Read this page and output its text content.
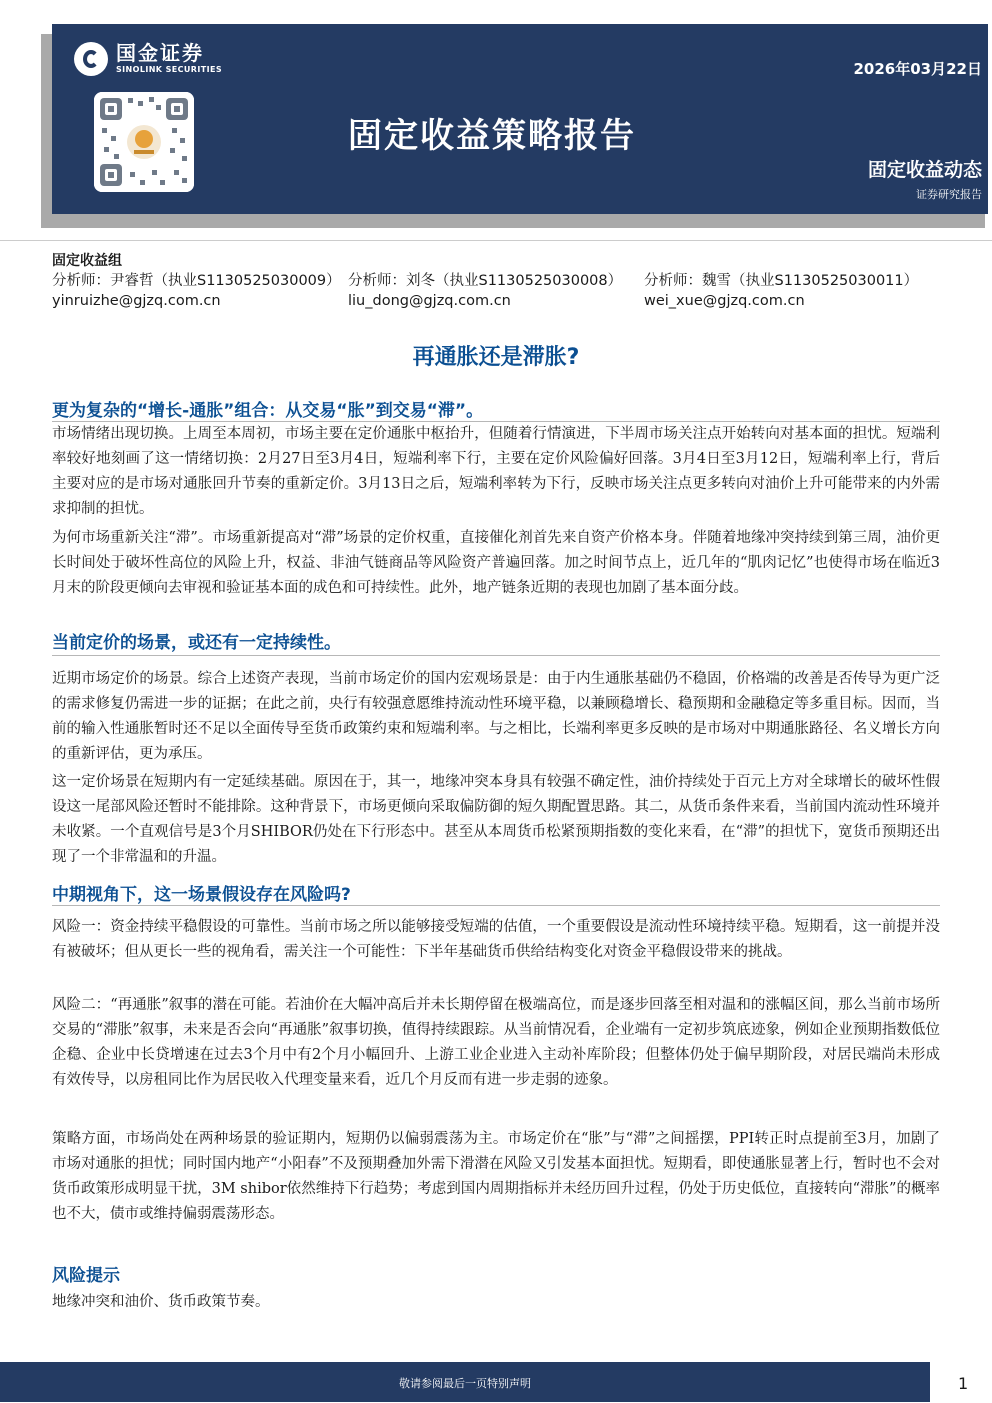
国金证券
SINOLINK SECURITIES	2026年03月22日
固定收益策略报告
固定收益动态
证券研究报告
固定收益组
分析师：尹睿哲（执业S1130525030009） 分析师：刘冬（执业S1130525030008）	分析师：魏雪（执业S1130525030011）
yinruizhe@gjzq.com.cn	liu_dong@gjzq.com.cn	wei_xue@gjzq.com.cn
再通胀还是滞胀?
更为复杂的“增长-通胀”组合：从交易“胀”到交易“滞”。
市场情绪出现切换。上周至本周初，市场主要在定价通胀中枢抬升，但随着行情演进，下半周市场关注点开始转向对基本面的担忧。短端利率较好地刻画了这一情绪切换：2月27日至3月4日，短端利率下行，主要在定价风险偏好回落。3月4日至3月12日，短端利率上行，背后主要对应的是市场对通胀回升节奏的重新定价。3月13日之后，短端利率转为下行，反映市场关注点更多转向对油价上升可能带来的内外需求抑制的担忧。
为何市场重新关注“滞”。市场重新提高对“滞”场景的定价权重，直接催化剂首先来自资产价格本身。伴随着地缘冲突持续到第三周，油价更长时间处于破坏性高位的风险上升，权益、非油气链商品等风险资产普遍回落。加之时间节点上，近几年的“肌肉记忆”也使得市场在临近3月末的阶段更倾向去审视和验证基本面的成色和可持续性。此外，地产链条近期的表现也加剧了基本面分歧。
当前定价的场景，或还有一定持续性。
近期市场定价的场景。综合上述资产表现，当前市场定价的国内宏观场景是：由于内生通胀基础仍不稳固，价格端的改善是否传导为更广泛的需求修复仍需进一步的证据；在此之前，央行有较强意愿维持流动性环境平稳，以兼顾稳增长、稳预期和金融稳定等多重目标。因而，当前的输入性通胀暂时还不足以全面传导至货币政策约束和短端利率。与之相比，长端利率更多反映的是市场对中期通胀路径、名义增长方向的重新评估，更为承压。
这一定价场景在短期内有一定延续基础。原因在于，其一，地缘冲突本身具有较强不确定性，油价持续处于百元上方对全球增长的破坏性假设这一尾部风险还暂时不能排除。这种背景下，市场更倾向采取偏防御的短久期配置思路。其二，从货币条件来看，当前国内流动性环境并未收紧。一个直观信号是3个月SHIBOR仍处在下行形态中。甚至从本周货币松紧预期指数的变化来看，在“滞”的担忧下，宽货币预期还出现了一个非常温和的升温。
中期视角下，这一场景假设存在风险吗?
风险一：资金持续平稳假设的可靠性。当前市场之所以能够接受短端的估值，一个重要假设是流动性环境持续平稳。短期看，这一前提并没有被破坏；但从更长一些的视角看，需关注一个可能性：下半年基础货币供给结构变化对资金平稳假设带来的挑战。
风险二：“再通胀”叙事的潜在可能。若油价在大幅冲高后并未长期停留在极端高位，而是逐步回落至相对温和的涨幅区间，那么当前市场所交易的“滞胀”叙事，未来是否会向“再通胀”叙事切换，值得持续跟踪。从当前情况看，企业端有一定初步筑底迹象，例如企业预期指数低位企稳、企业中长贷增速在过去3个月中有2个月小幅回升、上游工业企业进入主动补库阶段；但整体仍处于偏早期阶段，对居民端尚未形成有效传导，以房租同比作为居民收入代理变量来看，近几个月反而有进一步走弱的迹象。
策略方面，市场尚处在两种场景的验证期内，短期仍以偏弱震荡为主。市场定价在“胀”与“滞”之间摇摆，PPI转正时点提前至3月，加剧了市场对通胀的担忧；同时国内地产“小阳春”不及预期叠加外需下滑潜在风险又引发基本面担忧。短期看，即使通胀显著上行，暂时也不会对货币政策形成明显干扰，3M shibor依然维持下行趋势；考虑到国内周期指标并未经历回升过程，仍处于历史低位，直接转向“滞胀”的概率也不大，债市或维持偏弱震荡形态。
风险提示
地缘冲突和油价、货币政策节奏。
敬请参阅最后一页特别声明	1
